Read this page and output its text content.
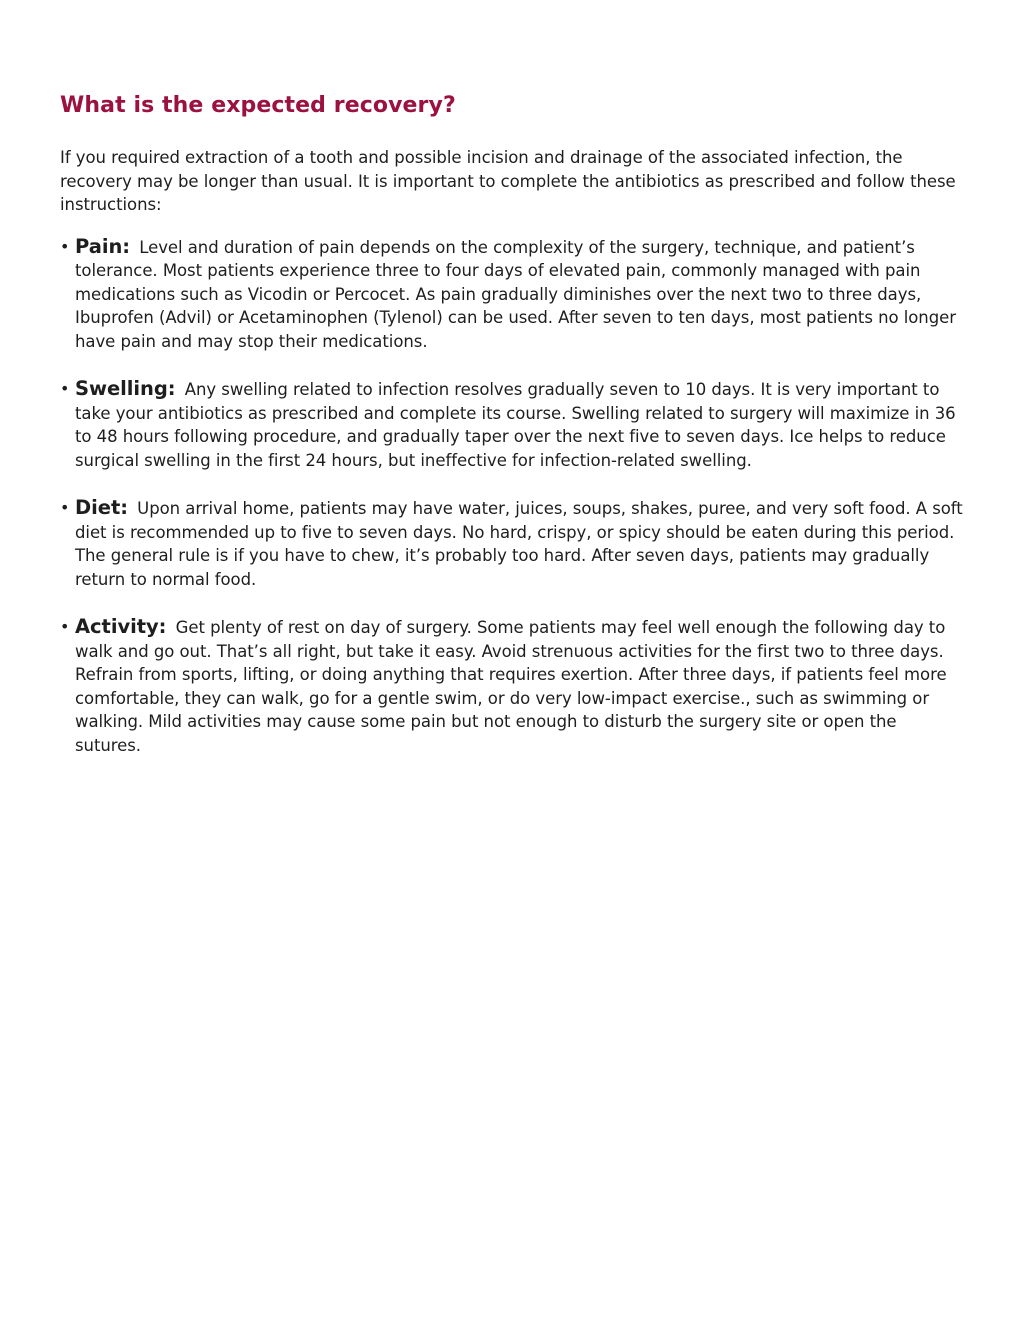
What is the expected recovery?

If you required extraction of a tooth and possible incision and drainage of the associated infection, the recovery may be longer than usual. It is important to complete the antibiotics as prescribed and follow these instructions:

• Pain: Level and duration of pain depends on the complexity of the surgery, technique, and patient’s tolerance. Most patients experience three to four days of elevated pain, commonly managed with pain medications such as Vicodin or Percocet. As pain gradually diminishes over the next two to three days, Ibuprofen (Advil) or Acetaminophen (Tylenol) can be used. After seven to ten days, most patients no longer have pain and may stop their medications.
• Swelling: Any swelling related to infection resolves gradually seven to 10 days. It is very important to take your antibiotics as prescribed and complete its course. Swelling related to surgery will maximize in 36 to 48 hours following procedure, and gradually taper over the next five to seven days. Ice helps to reduce surgical swelling in the first 24 hours, but ineffective for infection-related swelling.
• Diet: Upon arrival home, patients may have water, juices, soups, shakes, puree, and very soft food. A soft diet is recommended up to five to seven days. No hard, crispy, or spicy should be eaten during this period. The general rule is if you have to chew, it’s probably too hard. After seven days, patients may gradually return to normal food.
• Activity: Get plenty of rest on day of surgery. Some patients may feel well enough the following day to walk and go out. That’s all right, but take it easy. Avoid strenuous activities for the first two to three days. Refrain from sports, lifting, or doing anything that requires exertion. After three days, if patients feel more comfortable, they can walk, go for a gentle swim, or do very low-impact exercise., such as swimming or walking. Mild activities may cause some pain but not enough to disturb the surgery site or open the sutures.
